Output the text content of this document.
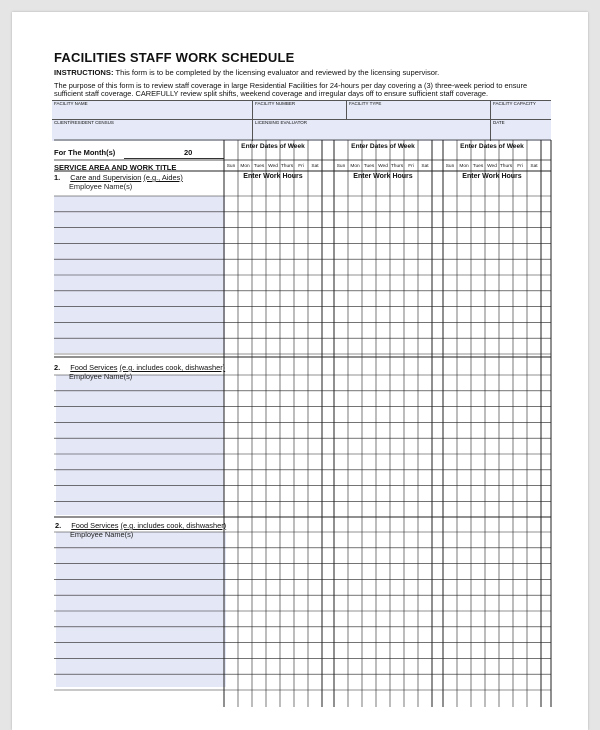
FACILITIES STAFF WORK SCHEDULE
INSTRUCTIONS: This form is to be completed by the licensing evaluator and reviewed by the licensing supervisor.
The purpose of this form is to review staff coverage in large Residential Facilities for 24-hours per day covering a (3) three-week period to ensure sufficient staff coverage. CAREFULLY review split shifts, weekend coverage and irregular days off to ensure sufficient staff coverage.
FACILITY NAME	FACILITY NUMBER	FACILITY TYPE	FACILITY CAPACITY
CLIENT/RESIDENT CENSUS	LICENSING EVALUATOR	DATE
For The Month(s)	20
SERVICE AREA AND WORK TITLE
Enter Dates of Week	Enter Dates of Week	Enter Dates of Week
Sun	Mon Tues Wed Thurs	Fri	Sat	Sun	Mon Tues Wed Thurs	Fri	Sat	Sun	Mon Tues Wed Thurs	Fri	Sat
1. Care and Supervision (e.g., Aides)
Employee Name(s)
Enter Work Hours	Enter Work Hours	Enter Work Hours
2. Food Services (e.g. includes cook, dishwasher)
Employee Name(s)
2. Food Services (e.g. includes cook, dishwasher)
Employee Name(s)
